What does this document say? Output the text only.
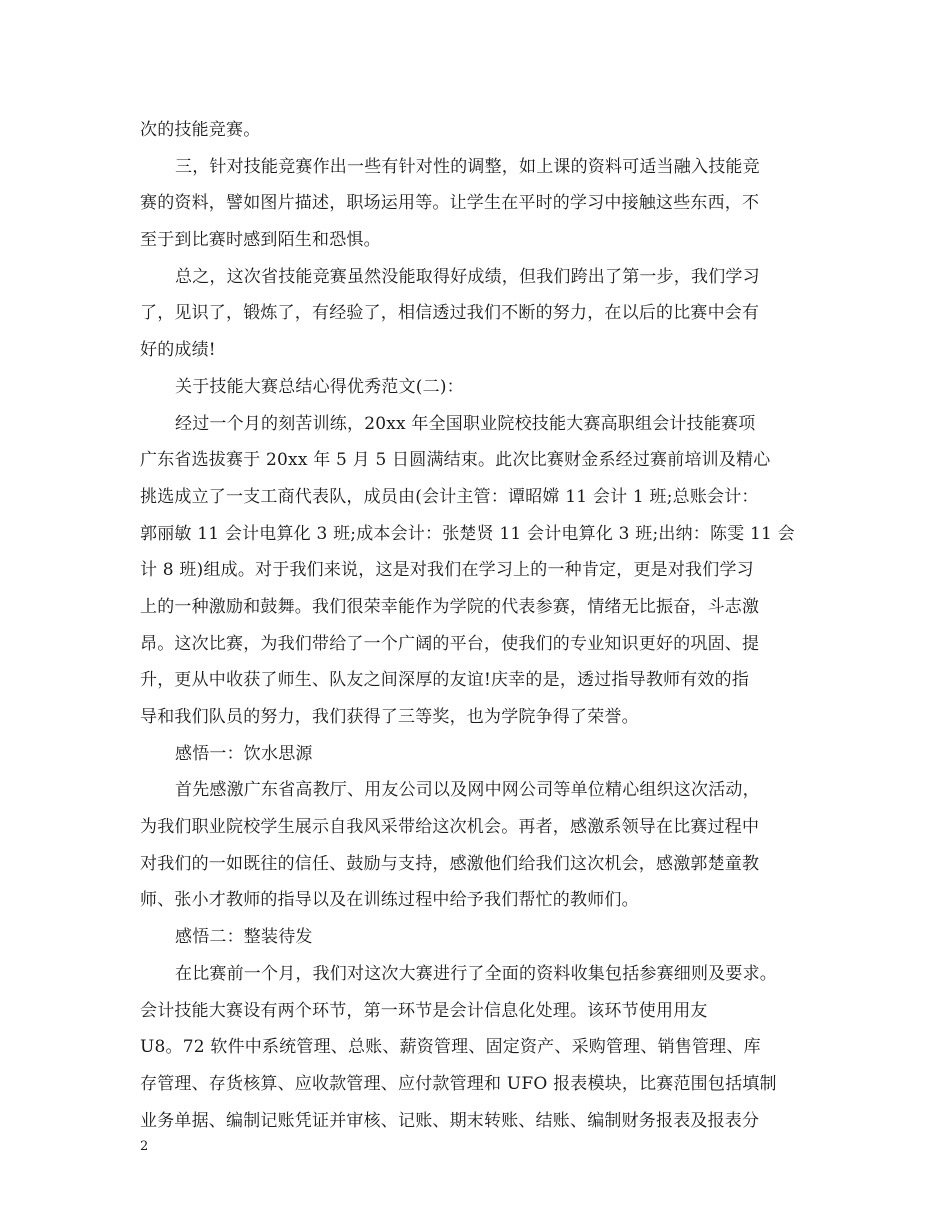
次的技能竞赛。
三，针对技能竞赛作出一些有针对性的调整，如上课的资料可适当融入技能竞
赛的资料，譬如图片描述，职场运用等。让学生在平时的学习中接触这些东西，不
至于到比赛时感到陌生和恐惧。
总之，这次省技能竞赛虽然没能取得好成绩，但我们跨出了第一步，我们学习
了，见识了，锻炼了，有经验了，相信透过我们不断的努力，在以后的比赛中会有
好的成绩!
关于技能大赛总结心得优秀范文(二)：
经过一个月的刻苦训练，20xx 年全国职业院校技能大赛高职组会计技能赛项
广东省选拔赛于 20xx 年 5 月 5 日圆满结束。此次比赛财金系经过赛前培训及精心
挑选成立了一支工商代表队，成员由(会计主管：谭昭嫦 11 会计 1 班;总账会计：
郭丽敏 11 会计电算化 3 班;成本会计：张楚贤 11 会计电算化 3 班;出纳：陈雯 11 会
计 8 班)组成。对于我们来说，这是对我们在学习上的一种肯定，更是对我们学习
上的一种激励和鼓舞。我们很荣幸能作为学院的代表参赛，情绪无比振奋，斗志激
昂。这次比赛，为我们带给了一个广阔的平台，使我们的专业知识更好的巩固、提
升，更从中收获了师生、队友之间深厚的友谊!庆幸的是，透过指导教师有效的指
导和我们队员的努力，我们获得了三等奖，也为学院争得了荣誉。
感悟一：饮水思源
首先感激广东省高教厅、用友公司以及网中网公司等单位精心组织这次活动，
为我们职业院校学生展示自我风采带给这次机会。再者，感激系领导在比赛过程中
对我们的一如既往的信任、鼓励与支持，感激他们给我们这次机会，感激郭楚童教
师、张小才教师的指导以及在训练过程中给予我们帮忙的教师们。
感悟二：整装待发
在比赛前一个月，我们对这次大赛进行了全面的资料收集包括参赛细则及要求。
会计技能大赛设有两个环节，第一环节是会计信息化处理。该环节使用用友
U8。72 软件中系统管理、总账、薪资管理、固定资产、采购管理、销售管理、库
存管理、存货核算、应收款管理、应付款管理和 UFO 报表模块，比赛范围包括填制
业务单据、编制记账凭证并审核、记账、期末转账、结账、编制财务报表及报表分
2
